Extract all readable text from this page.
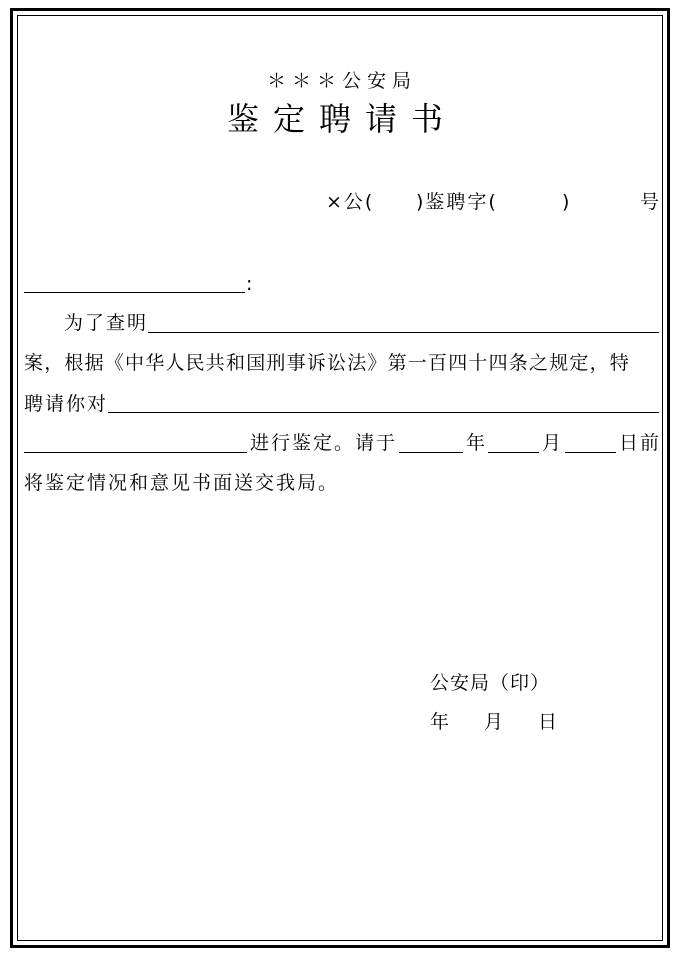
＊＊＊公安局
鉴定聘请书
×公( )鉴聘字(	)	号
:
为了查明
案，根据《中华人民共和国刑事诉讼法》第一百四十四条之规定，特
聘请你对
进行鉴定。请于	年	月	日前
将鉴定情况和意见书面送交我局。
公安局（印）
年 月 日
